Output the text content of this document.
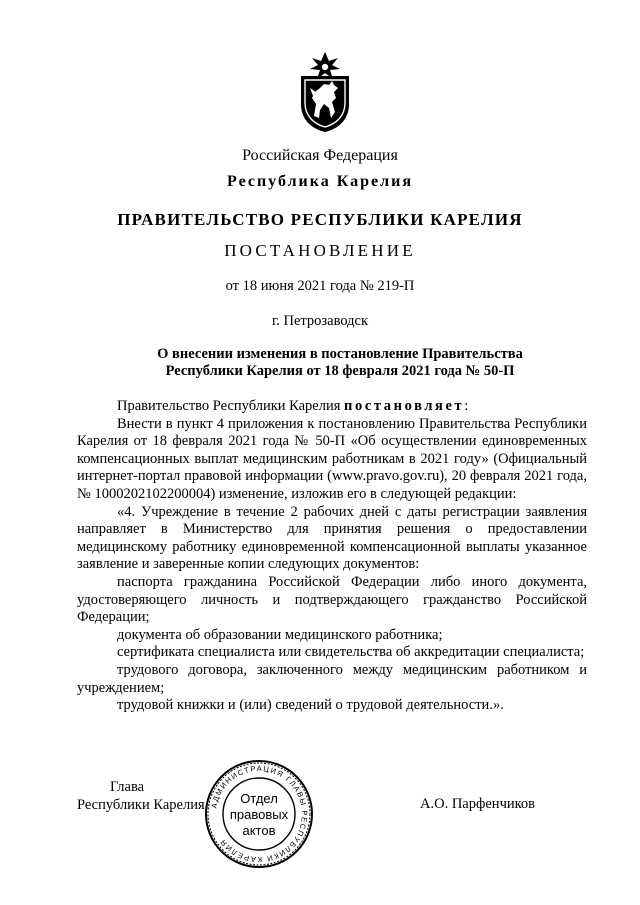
Российская Федерация
Республика Карелия
ПРАВИТЕЛЬСТВО РЕСПУБЛИКИ КАРЕЛИЯ
ПОСТАНОВЛЕНИЕ
от 18 июня 2021 года № 219-П
г. Петрозаводск
О внесении изменения в постановление Правительства
Республики Карелия от 18 февраля 2021 года № 50-П

Правительство Республики Карелия постановляет:

Внести в пункт 4 приложения к постановлению Правительства Республики Карелия от 18 февраля 2021 года № 50-П «Об осуществлении единовременных компенсационных выплат медицинским работникам в 2021 году» (Официальный интернет-портал правовой информации (www.pravo.gov.ru), 20 февраля 2021 года, № 1000202102200004) изменение, изложив его в следующей редакции:

«4. Учреждение в течение 2 рабочих дней с даты регистрации заявления направляет в Министерство для принятия решения о предоставлении медицинскому работнику единовременной компенсационной выплаты указанное заявление и заверенные копии следующих документов:

паспорта гражданина Российской Федерации либо иного документа, удостоверяющего личность и подтверждающего гражданство Российской Федерации;

документа об образовании медицинского работника;

сертификата специалиста или свидетельства об аккредитации специалиста;

трудового договора, заключенного между медицинским работником и учреждением;

трудовой книжки и (или) сведений о трудовой деятельности.».

Глава
Республики Карелия	А.О. Парфенчиков
АДМИНИСТРАЦИЯ ГЛАВЫ РЕСПУБЛИКИ КАРЕЛИЯ
Отдел
правовых
актов
